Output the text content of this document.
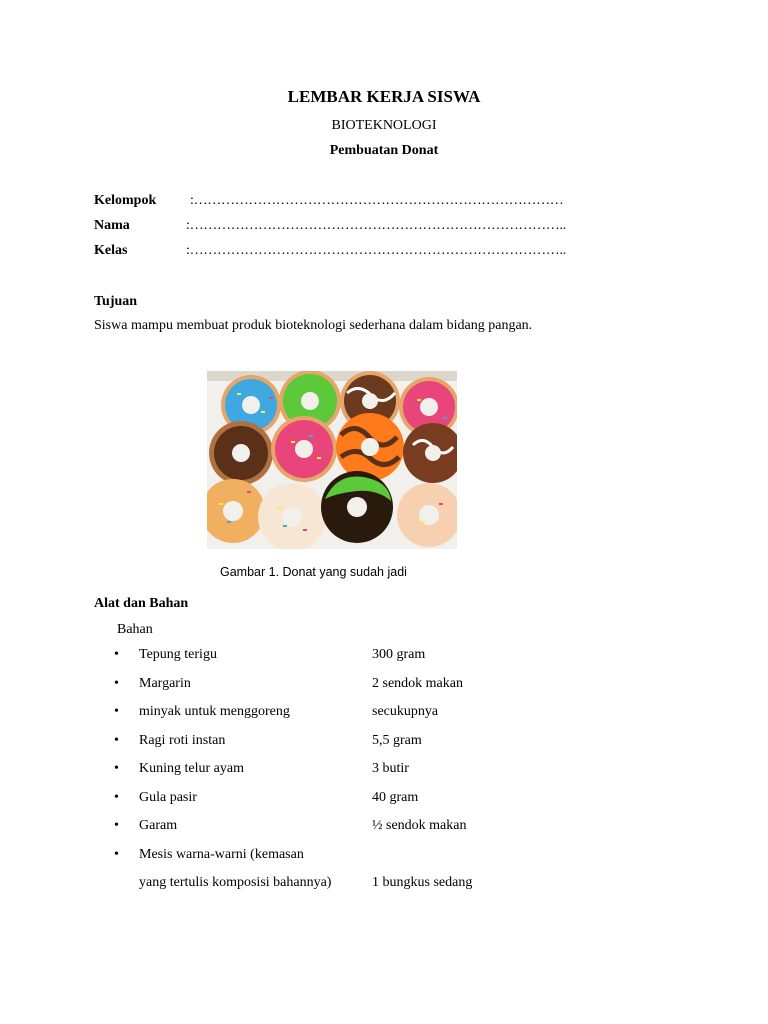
LEMBAR KERJA SISWA
BIOTEKNOLOGI
Pembuatan Donat
Kelompok :………………………………………………………………………
Nama	:………………………………………………………………………..
Kelas	:………………………………………………………………………..
Tujuan
Siswa mampu membuat produk bioteknologi sederhana dalam bidang pangan.
Gambar 1. Donat yang sudah jadi
Alat dan Bahan
Bahan
• Tepung terigu	300 gram
• Margarin	2 sendok makan
• minyak untuk menggoreng	secukupnya
• Ragi roti instan	5,5 gram
• Kuning telur ayam	3 butir
• Gula pasir	40 gram
• Garam	½ sendok makan
• Mesis warna-warni (kemasan
yang tertulis komposisi bahannya)	1 bungkus sedang
